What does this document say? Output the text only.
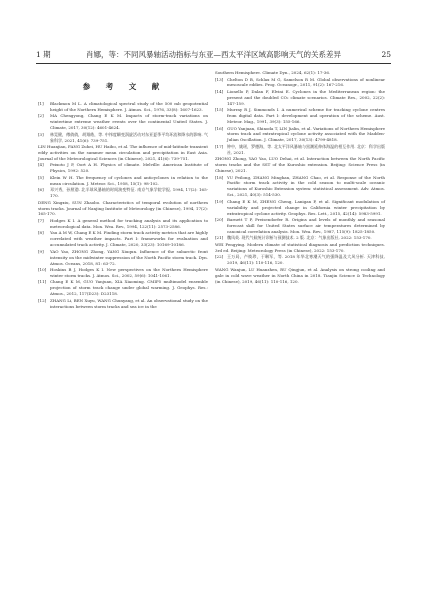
1 期	肖娜，等：不同风暴轴活动指标与东亚—西太平洋区域高影响天气的关系差异	25
参　考　文　献
[1] Blackmon M L. A climatological spectral study of the 500 mb geopotential height of the Northern Hemisphere. J. Atmos. Sci., 1976, 33(8): 1607-1623.
[2] MA Chengyong, Chang E K M. Impacts of storm-track variations on wintertime extreme weather events over the continental United States. J. Climate, 2017, 30(12): 4601-4624.
[3] 林晃健，傅倩倩，胡翔皓，等. 中纬度瞬变涡旋活动对东亚夏季平均环流和降水的影响. 气象科学, 2021, 41(6): 739-751.
LIN Huanjian, FANG Zuhei, HU Haibo, et al. The influence of mid-latitude transient eddy activities on the summer mean circulation and precipitation in East Asia. Journal of the Meteorological Sciences (in Chinese), 2021, 41(6): 739-751.
[4] Peixoto J P, Oort A H. Physics of climate. Melville: American Institute of Physics, 1992: 520.
[5] Klein W H. The frequency of cyclones and anticyclones in relation to the mean circulation. J. Meteor. Sci., 1958, 15(1): 98-102.
[6] 邓兴秀，孙照渤. 北半球风暴轴的时间演变特征. 南京气象学院学报, 1994, 17(2): 165-170.
DENG Xingxiu, SUN Zhaobo. Characteristics of temporal evolution of northern storm tracks. Journal of Nanjing Institute of Meteorology (in Chinese), 1994, 17(2): 165-170.
[7] Hodges K I. A general method for tracking analysis and its application to meteorological data. Mon. Wea. Rev., 1994, 122(11): 2573-2586.
[8] Yau A M W, Chang E K M. Finding storm track activity metrics that are highly correlated with weather impacts. Part I: frameworks for evaluation and accumulated track activity. J. Climate, 2020, 33(23): 10169-10186.
[9] YAO Yao, ZHONG Zhong, YANG Xiuqun. Influence of the subarctic front intensity on the midwinter suppression of the North Pacific storm track. Dyn. Atmos. Oceans, 2018, 81: 63-72.
[10] Hoskins B J, Hodges K I. New perspectives on the Northern Hemisphere winter storm tracks. J. Atmos. Sci., 2002, 59(6): 1041-1061.
[11] Chang E K M, GUO Yanjuan, XIA Xiaoming. CMIP5 multimodel ensemble projection of storm track change under global warming. J. Geophys. Res.: Atmos., 2012, 117(D23): D23118.
[12] ZHANG Li, BEN Xuyu, WANG Chunyang, et al. An observational study on the interactions between storm tracks and sea ice in the
Southern Hemisphere. Climate Dyn., 2024, 62(1): 17-36.
[13] Chelton D B, Schlax M G, Samelson R M. Global observations of nonlinear mesoscale eddies. Prog. Oceanogr., 2011, 91(2): 167-216.
[14] Lionello P, Dalan F, Elvini E. Cyclones in the Mediterranean region: the present and the doubled CO₂ climate scenarios. Climate Res., 2002, 22(2): 147-159.
[15] Murray R J, Simmonds I. A numerical scheme for tracking cyclone centres from digital data. Part I: development and operation of the scheme. Aust. Meteor. Mag., 1991, 39(3): 155-166.
[16] GUO Yanjuan, Shinoda T, LIN Jialin, et al. Variations of Northern Hemisphere storm track and extratropical cyclone activity associated with the Madden-Julian Oscillation. J. Climate, 2017, 30(13): 4799-4818.
[17] 钟中，姚瑶，罗德海，等. 北太平洋风暴轴与黑潮延伸体海温的相互作用. 北京：科学出版社, 2021.
ZHONG Zhong, YAO Yao, LUO Dehai, et al. Interaction between the North Pacific storm tracks and the SST of the Kuroshio extension. Beijing: Science Press (in Chinese), 2021.
[18] YU Peilong, ZHANG Minghan, ZHANG Chao, et al. Response of the North Pacific storm track activity in the cold season to multi-scale oceanic variations of Kuroshio Extension system: statistical assessment. Adv. Atmos. Sci., 2021, 40(3): 514-530.
[19] Chang E K M, ZHENG Cheng, Lanigan P, et al. Significant modulation of variability and projected change in California winter precipitation by extratropical cyclone activity. Geophys. Res. Lett., 2015, 42(14): 5983-5991.
[20] Barnett T P, Preisendorfer R. Origins and levels of monthly and seasonal forecast skill for United States surface air temperatures determined by canonical correlation analysis. Mon. Wea. Rev., 1987, 115(9): 1825-1850.
[21] 魏凤英. 现代气候统计诊断与预测技术. 2 版. 北京：气象出版社, 2022: 153-170.
WEI Fengying. Modern climate of statistical diagnosis and prediction techniques. 3rd ed. Beijing: Meteorology Press (in Chinese), 2022: 153-170.
[22] 王万局，卢焕珍，于琳军，等. 2018 年华北寒潮天气的强降温及大风分析. 天津科技, 2019, 46(11): 110-116, 120.
WANG Wanjun, LU Huanzhen, RU Qingjun, et al. Analysis on strong cooling and gale in cold wave weather in North China in 2018. Tianjin Science & Technology (in Chinese), 2019, 46(11): 110-116, 120.
